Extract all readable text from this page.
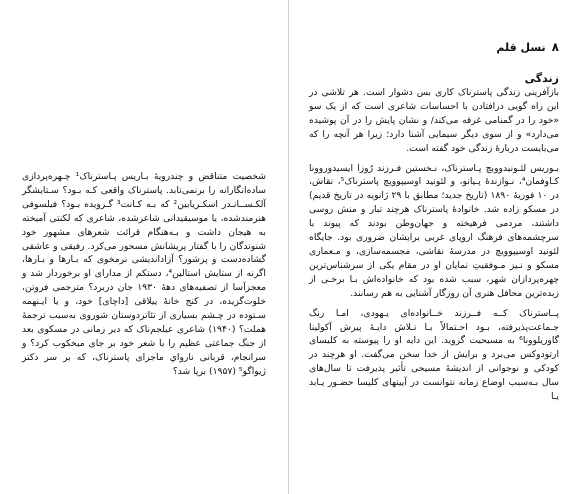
شخصیت متناقض و چندرویهٔ بـاریس پـاسترناک¹ چـهره‌پردازی ساده‌انگارانه را برنمی‌تابد. پاسترناک واقعی کـه بـود؟ سـتایشگر آلکـســانـدر اسکـریابین² که بـه کـانت³ گـرویده بـود؟ فیلسوفی هنرمندشده، یا موسیقیدانی شاعرشده، شاعری که لکنتی آمیخته به هیجان داشت و بـه‌هنگام قرائت شعرهای مشهور خود شنوندگان را با گفتار پریشانش مسحور می‌کرد. رفیقی و عاشقی گشاده‌دست و پرشور؟ آزاداندیشی نرمخوی که بـارها و بـارها، اگرنه از ستایش استالین⁴، دستکم از مدارای او برخوردار شد و معجزآسا از تصفیه‌های دههٔ ۱۹۳۰ جان دربرد؟ مترجمی فروتن، خلوت‌گزیده، در کنج خانهٔ ییلاقی [داچای] خود، و یا ایـنهمه سـتوده در چـشم بسیاری از تئاتردوستان شوروی به‌سبب ترجمهٔ هملت؟ (۱۹۴۰) شاعری عیلجم‌ناک که دیر زمانی در مسکوی بعد از جنگ جماعتی عظیم را با شعر خود بر جای میخکوب کرد؟ و سرانجام، قربانی نارواي ماجرای پاسترناک، که بر سر دکتر ژیواگو⁵ (۱۹۵۷) برپا شد؟

۸
نسل قلم
زندگی

بازآفرینی زندگی پاسترناک کاری بس دشوار است. هر تلاشی در این راه گویی درافتادن با احساسات شاعری است که از یک سو «خود را در گمنامی غرقه می‌کند/ و نشان پایش را در آن پوشیده می‌دارد» و از سوی دیگر سیمایی آشنا دارد؛ زیرا هر آنچه را که می‌بایست دربارهٔ زندگی خود گفته است.

بـوریس لئـونیدوویچ پـاسترناک، نـخستین فـرزند رُوزا ایسیدوروونا کـاوفمان⁴، نـوازندهٔ پـیانو، و لئونید اوسیپوویچ پاسترناک⁵، نقاش، در ۱۰ فوریهٔ ۱۸۹۰ (تاریخ جدید؛ مطابق با ۲۹ ژانویه در تاریخ قدیم) در مسکو زاده شد. خانوادهٔ پاسترناک هرچند تبار و منش روسی داشتند، مردمی فرهیخته و جهان‌وطن بودند که پیوند با سرچشمه‌های فرهنگ اروپای غربی برایشان ضروری بود. جایگاه لئونید اوسیپوویچ در مدرسهٔ نقاشی، مجسمه‌سازی، و مـعماری مسکو و نـیز مـوفقیتِ نمایان او در مقام یکی از سرشناس‌ترین چهره‌پردازان شهر، سبب شده بود که خانواده‌اش بـا برخـی از زبده‌ترین محافل هنری آن روزگار آشنایی به هم رسانند.

پــاسترناک کــه فــرزند خــانواده‌ای یـهودی، امـا رنگ جـماعت‌پذیرفته، بـود احـتمالاً بـا تـلاش دایـهٔ پیرش آکولینا گاوریلوونا⁶ به مسیحیت گروید. این دایه او را پیوسته به کلیسای ارتودوکس می‌برد و برایش از خدا سخن می‌گفت. او هرچند در کودکی و نوجوانی از اندیشهٔ مسیحی تأثیر پذیرفت تا سال‌های سال بـه‌سبب اوضاع زمانه نتوانست در آیینهای کلیسا حضـور یـابد یـا
